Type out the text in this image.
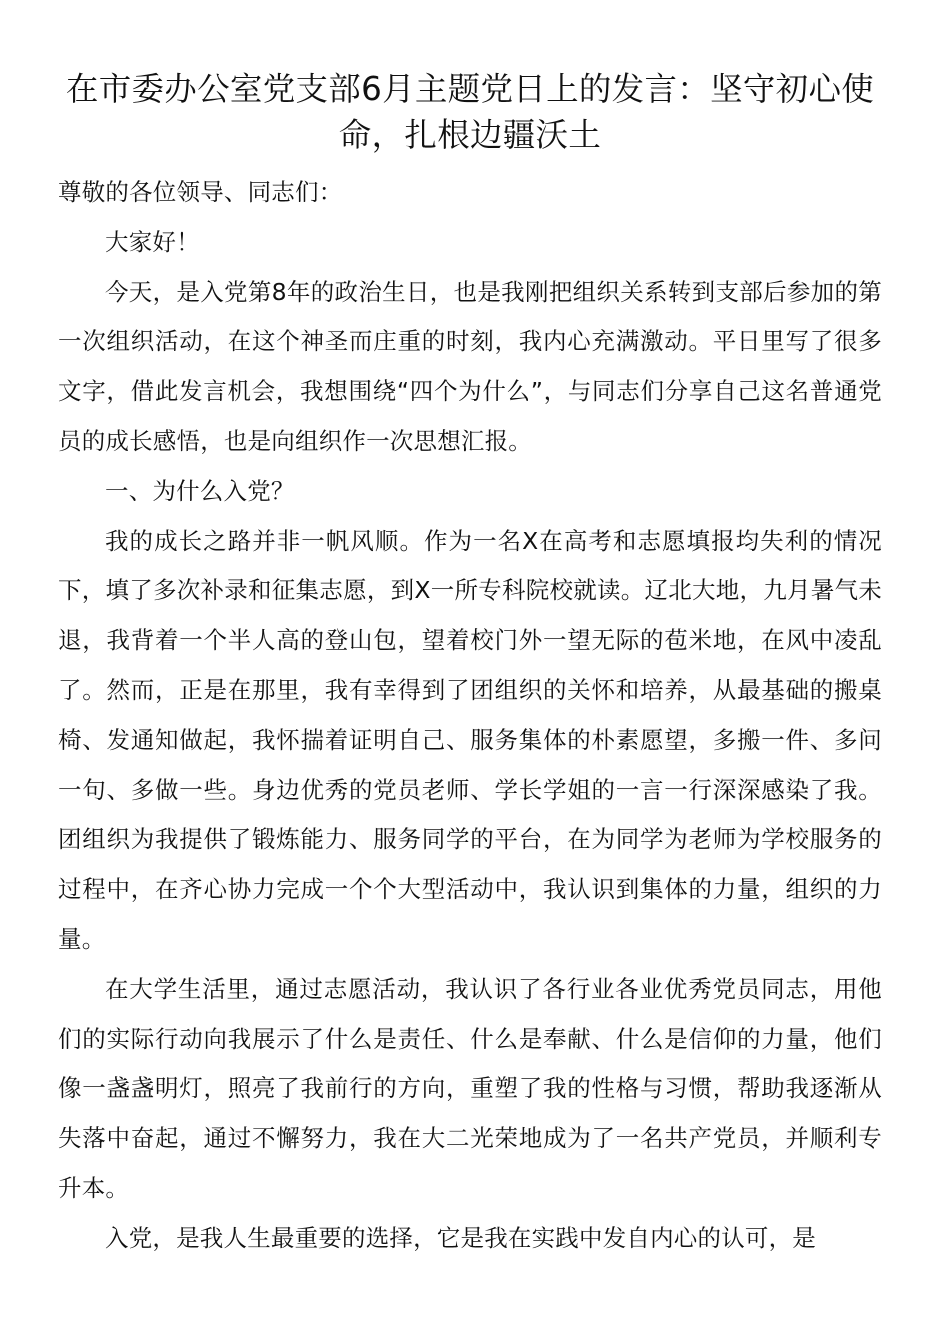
在市委办公室党支部6月主题党日上的发言：坚守初心使命，扎根边疆沃土

尊敬的各位领导、同志们：

大家好！

今天，是入党第8年的政治生日，也是我刚把组织关系转到支部后参加的第一次组织活动，在这个神圣而庄重的时刻，我内心充满激动。平日里写了很多文字，借此发言机会，我想围绕“四个为什么”，与同志们分享自己这名普通党员的成长感悟，也是向组织作一次思想汇报。

一、为什么入党？

我的成长之路并非一帆风顺。作为一名X在高考和志愿填报均失利的情况下，填了多次补录和征集志愿，到X一所专科院校就读。辽北大地，九月暑气未退，我背着一个半人高的登山包，望着校门外一望无际的苞米地，在风中凌乱了。然而，正是在那里，我有幸得到了团组织的关怀和培养，从最基础的搬桌椅、发通知做起，我怀揣着证明自己、服务集体的朴素愿望，多搬一件、多问一句、多做一些。身边优秀的党员老师、学长学姐的一言一行深深感染了我。团组织为我提供了锻炼能力、服务同学的平台，在为同学为老师为学校服务的过程中，在齐心协力完成一个个大型活动中，我认识到集体的力量，组织的力量。

在大学生活里，通过志愿活动，我认识了各行业各业优秀党员同志，用他们的实际行动向我展示了什么是责任、什么是奉献、什么是信仰的力量，他们像一盏盏明灯，照亮了我前行的方向，重塑了我的性格与习惯，帮助我逐渐从失落中奋起，通过不懈努力，我在大二光荣地成为了一名共产党员，并顺利专升本。

入党，是我人生最重要的选择，它是我在实践中发自内心的认可，是
